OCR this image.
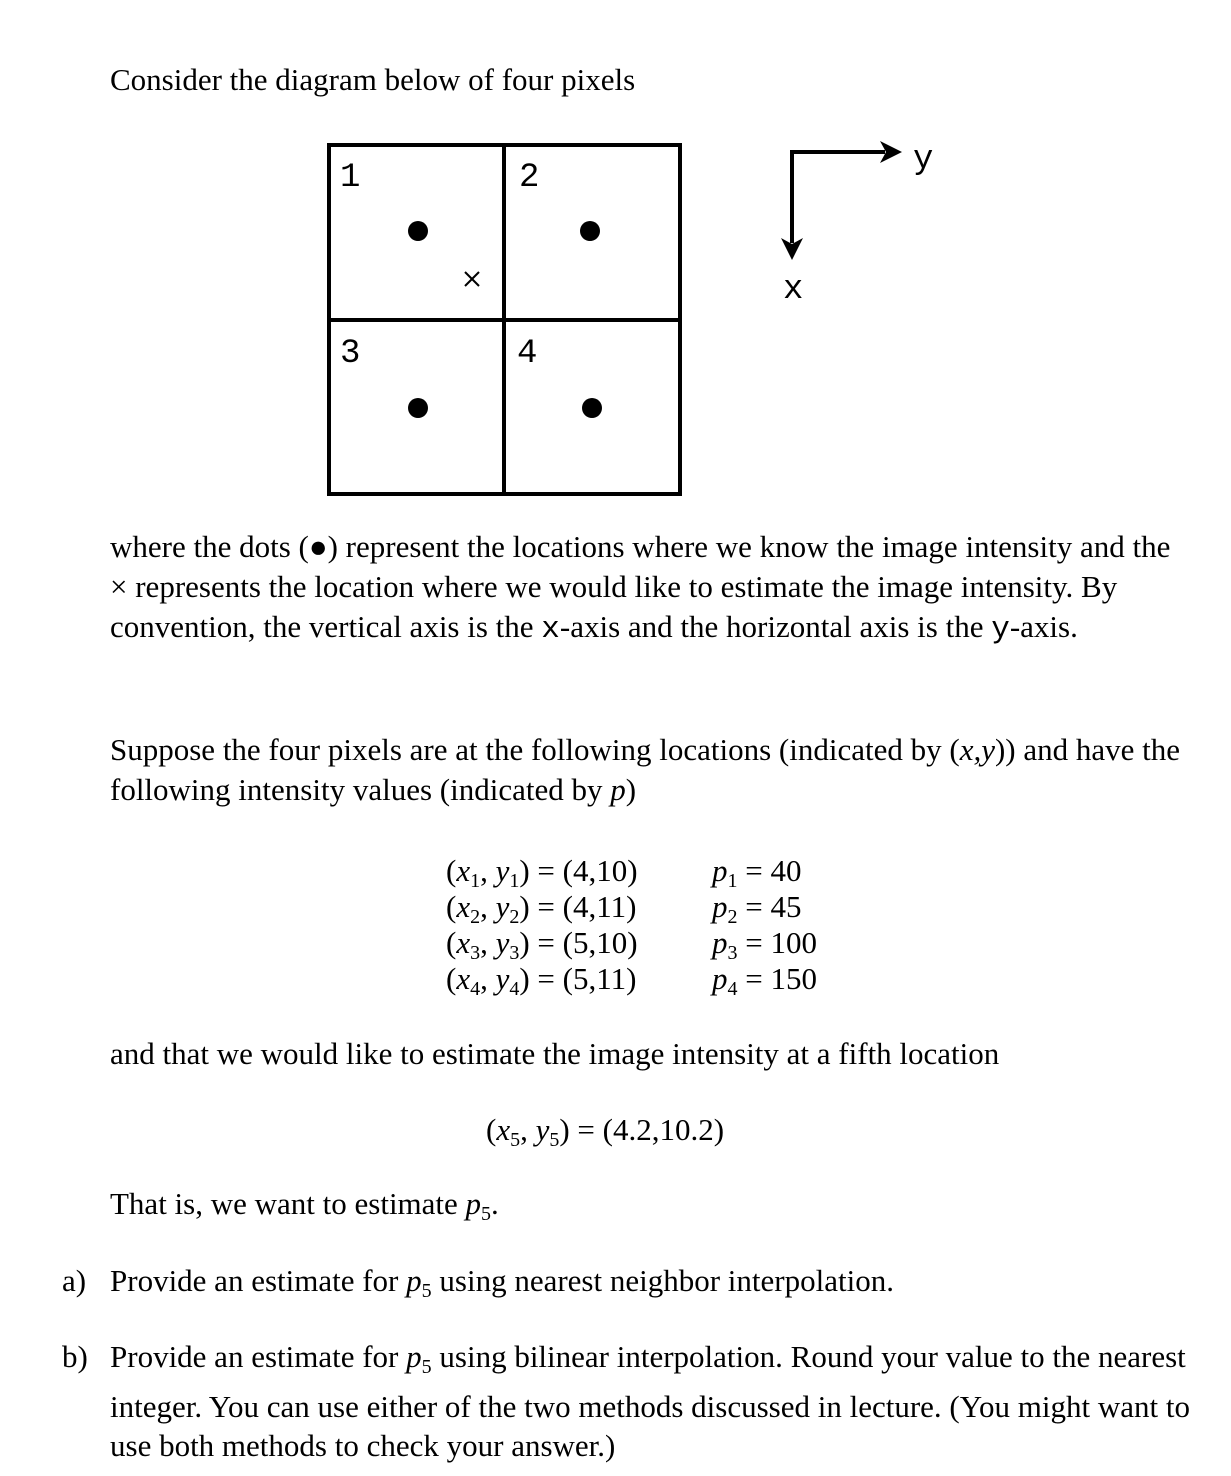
Consider the diagram below of four pixels
1	2
3	4
y
x
where the dots (●) represent the locations where we know the image intensity and the × represents the location where we would like to estimate the image intensity. By convention, the vertical axis is the x-axis and the horizontal axis is the y-axis.
Suppose the four pixels are at the following locations (indicated by (x,y)) and have the following intensity values (indicated by p)
($x_1$, $y_1) = (4,10)$	$p_1 = 40$
($x_2$, $y_2) = (4,11)$	$p_2 = 45$
($x_3$, $y_3) = (5,10)$	$p_3 = 100$
($x_4$, $y_4) = (5,11)$	$p_4 = 150$
and that we would like to estimate the image intensity at a fifth location
($x_5$, $y_5) = (4.2,10.2)$
That is, we want to estimate $p_5$.
a) Provide an estimate for $p_5$ using nearest neighbor interpolation.
b) Provide an estimate for $p_5$ using bilinear interpolation. Round your value to the nearest integer. You can use either of the two methods discussed in lecture. (You might want to use both methods to check your answer.)
